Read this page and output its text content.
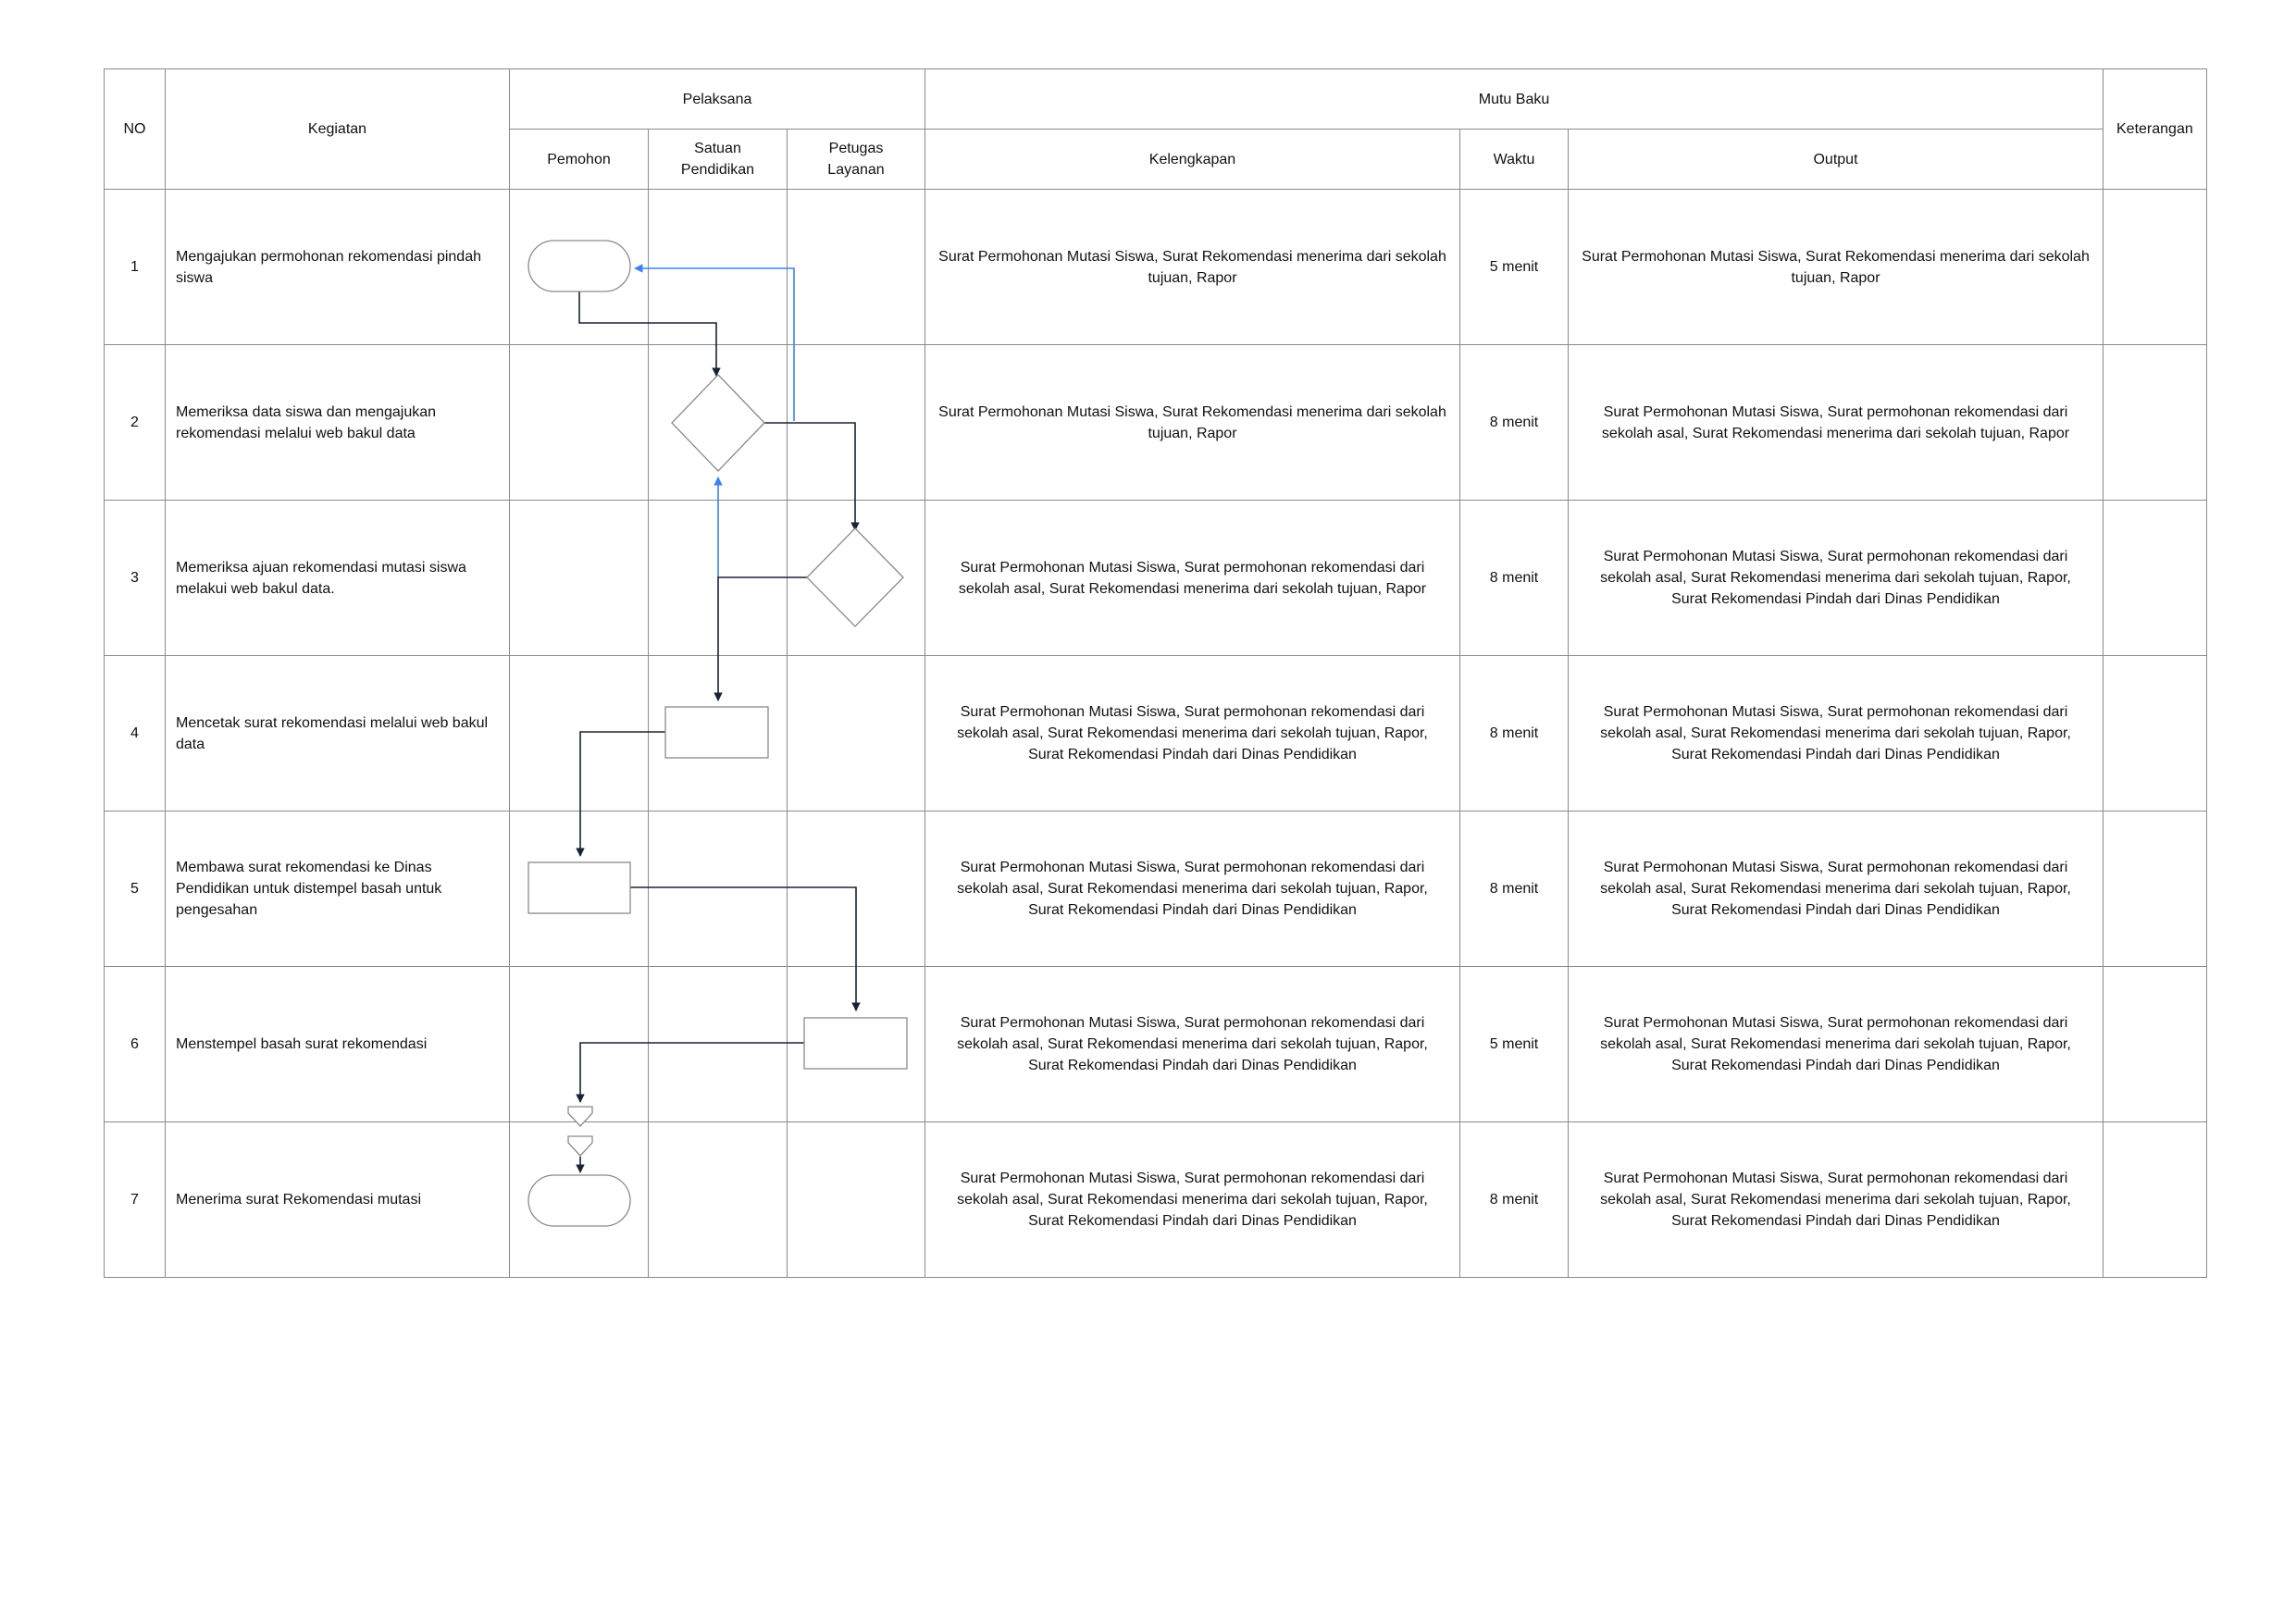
NO	Kegiatan	Pelaksana			Mutu Baku			Keterangan
		Pemohon	Satuan Pendidikan	Petugas Layanan	Kelengkapan	Waktu	Output	
1	Mengajukan permohonan rekomendasi pindah siswa				Surat Permohonan Mutasi Siswa, Surat Rekomendasi menerima dari sekolah tujuan, Rapor	5 menit	Surat Permohonan Mutasi Siswa, Surat Rekomendasi menerima dari sekolah tujuan, Rapor	
2	Memeriksa data siswa dan mengajukan rekomendasi melalui web bakul data				Surat Permohonan Mutasi Siswa, Surat Rekomendasi menerima dari sekolah tujuan, Rapor	8 menit	Surat Permohonan Mutasi Siswa, Surat permohonan rekomendasi dari sekolah asal, Surat Rekomendasi menerima dari sekolah tujuan, Rapor	
3	Memeriksa ajuan rekomendasi mutasi siswa melakui web bakul data.				Surat Permohonan Mutasi Siswa, Surat permohonan rekomendasi dari sekolah asal, Surat Rekomendasi menerima dari sekolah tujuan, Rapor	8 menit	Surat Permohonan Mutasi Siswa, Surat permohonan rekomendasi dari sekolah asal, Surat Rekomendasi menerima dari sekolah tujuan, Rapor, Surat Rekomendasi Pindah dari Dinas Pendidikan	
4	Mencetak surat rekomendasi melalui web bakul data				Surat Permohonan Mutasi Siswa, Surat permohonan rekomendasi dari sekolah asal, Surat Rekomendasi menerima dari sekolah tujuan, Rapor, Surat Rekomendasi Pindah dari Dinas Pendidikan	8 menit	Surat Permohonan Mutasi Siswa, Surat permohonan rekomendasi dari sekolah asal, Surat Rekomendasi menerima dari sekolah tujuan, Rapor, Surat Rekomendasi Pindah dari Dinas Pendidikan	
5	Membawa surat rekomendasi ke Dinas Pendidikan untuk distempel basah untuk pengesahan				Surat Permohonan Mutasi Siswa, Surat permohonan rekomendasi dari sekolah asal, Surat Rekomendasi menerima dari sekolah tujuan, Rapor, Surat Rekomendasi Pindah dari Dinas Pendidikan	8 menit	Surat Permohonan Mutasi Siswa, Surat permohonan rekomendasi dari sekolah asal, Surat Rekomendasi menerima dari sekolah tujuan, Rapor, Surat Rekomendasi Pindah dari Dinas Pendidikan	
6	Menstempel basah surat rekomendasi				Surat Permohonan Mutasi Siswa, Surat permohonan rekomendasi dari sekolah asal, Surat Rekomendasi menerima dari sekolah tujuan, Rapor, Surat Rekomendasi Pindah dari Dinas Pendidikan	5 menit	Surat Permohonan Mutasi Siswa, Surat permohonan rekomendasi dari sekolah asal, Surat Rekomendasi menerima dari sekolah tujuan, Rapor, Surat Rekomendasi Pindah dari Dinas Pendidikan	
7	Menerima surat Rekomendasi mutasi				Surat Permohonan Mutasi Siswa, Surat permohonan rekomendasi dari sekolah asal, Surat Rekomendasi menerima dari sekolah tujuan, Rapor, Surat Rekomendasi Pindah dari Dinas Pendidikan	8 menit	Surat Permohonan Mutasi Siswa, Surat permohonan rekomendasi dari sekolah asal, Surat Rekomendasi menerima dari sekolah tujuan, Rapor, Surat Rekomendasi Pindah dari Dinas Pendidikan	
